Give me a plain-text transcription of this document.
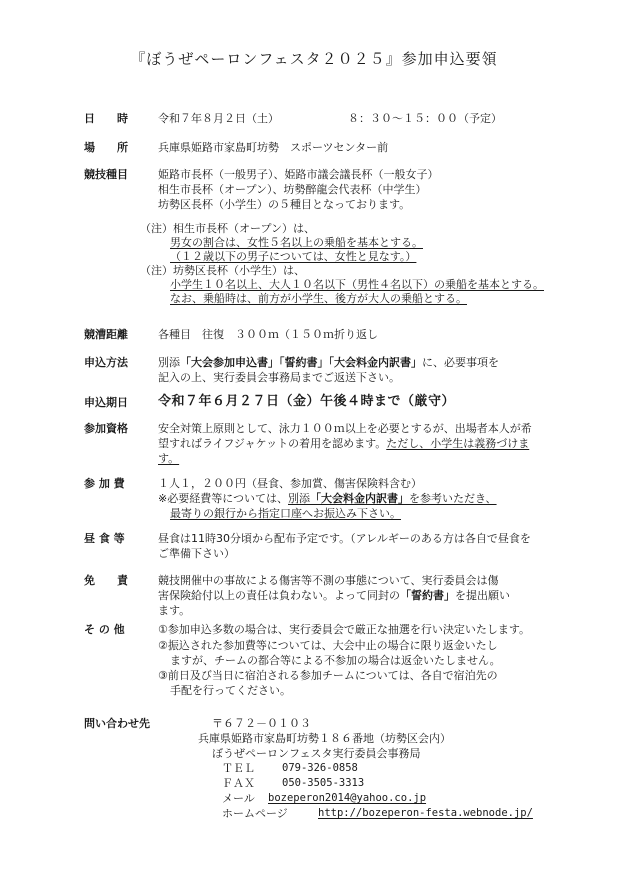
『ぼうぜペーロンフェスタ２０２５』参加申込要領
日　　時	令和７年８月２日（土）	８：３０～１５：００（予定）
場　　所	兵庫県姫路市家島町坊勢　スポーツセンター前
競技種目	姫路市長杯（一般男子）、姫路市議会議長杯（一般女子）
相生市長杯（オープン）、坊勢醉龍会代表杯（中学生）
坊勢区長杯（小学生）の５種目となっております。
（注）相生市長杯（オープン）は、
男女の割合は、女性５名以上の乗船を基本とする。
（１２歳以下の男子については、女性と見なす。）
（注）坊勢区長杯（小学生）は、
小学生１０名以上、大人１０名以下（男性４名以下）の乗船を基本とする。
なお、乗船時は、前方が小学生、後方が大人の乗船とする。
競漕距離	各種目　往復　３００ｍ（１５０ｍ折り返し
申込方法	別添「大会参加申込書」「誓約書」「大会料金内訳書」に、必要事項を
記入の上、実行委員会事務局までご返送下さい。
申込期日 令和７年６月２７日（金）午後４時まで（厳守）
参加資格	安全対策上原則として、泳力１００ｍ以上を必要とするが、出場者本人が希
望すればライフジャケットの着用を認めます。ただし、小学生は義務づけま
す。
参 加 費	１人１，２００円（昼食、参加賞、傷害保険料含む）
※必要経費等については、別添「大会料金内訳書」を参考いただき、
最寄りの銀行から指定口座へお振込み下さい。
昼 食 等	昼食は11時30分頃から配布予定です。（アレルギーのある方は各自で昼食を
ご準備下さい）
免　　責	競技開催中の事故による傷害等不測の事態について、実行委員会は傷
害保険給付以上の責任は負わない。よって同封の「誓約書」を提出願い
ます。
そ の 他	①参加申込多数の場合は、実行委員会で厳正な抽選を行い決定いたします。
②振込された参加費等については、大会中止の場合に限り返金いたし
ますが、チームの都合等による不参加の場合は返金いたしません。
③前日及び当日に宿泊される参加チームについては、各自で宿泊先の
手配を行ってください。
問い合わせ先	〒６７２－０１０３
兵庫県姫路市家島町坊勢１８６番地（坊勢区会内）
ぼうぜペーロンフェスタ実行委員会事務局
ＴＥＬ	079-326-0858
ＦＡＸ	050-3505-3313
メール bozeperon2014@yahoo.co.jp
ホームページ	http://bozeperon-festa.webnode.jp/
